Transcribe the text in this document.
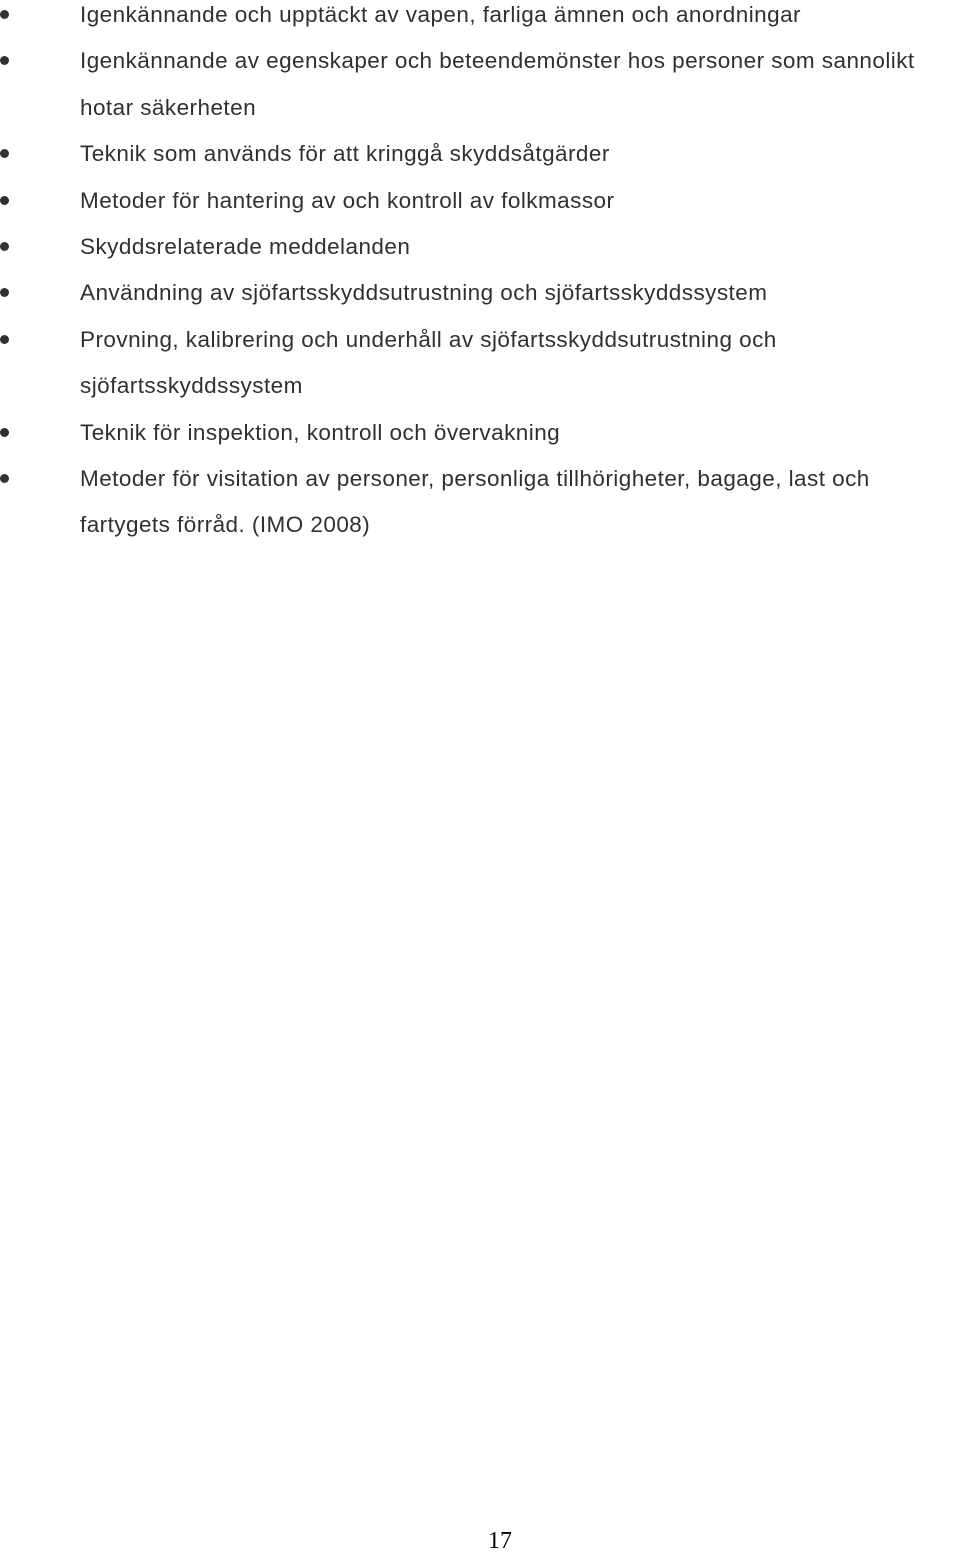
Igenkännande och upptäckt av vapen, farliga ämnen och anordningar
Igenkännande av egenskaper och beteendemönster hos personer som sannolikt hotar säkerheten
Teknik som används för att kringgå skyddsåtgärder
Metoder för hantering av och kontroll av folkmassor
Skyddsrelaterade meddelanden
Användning av sjöfartsskyddsutrustning och sjöfartsskyddssystem
Provning, kalibrering och underhåll av sjöfartsskyddsutrustning och sjöfartsskyddssystem
Teknik för inspektion, kontroll och övervakning
Metoder för visitation av personer, personliga tillhörigheter, bagage, last och fartygets förråd. (IMO 2008)
17
